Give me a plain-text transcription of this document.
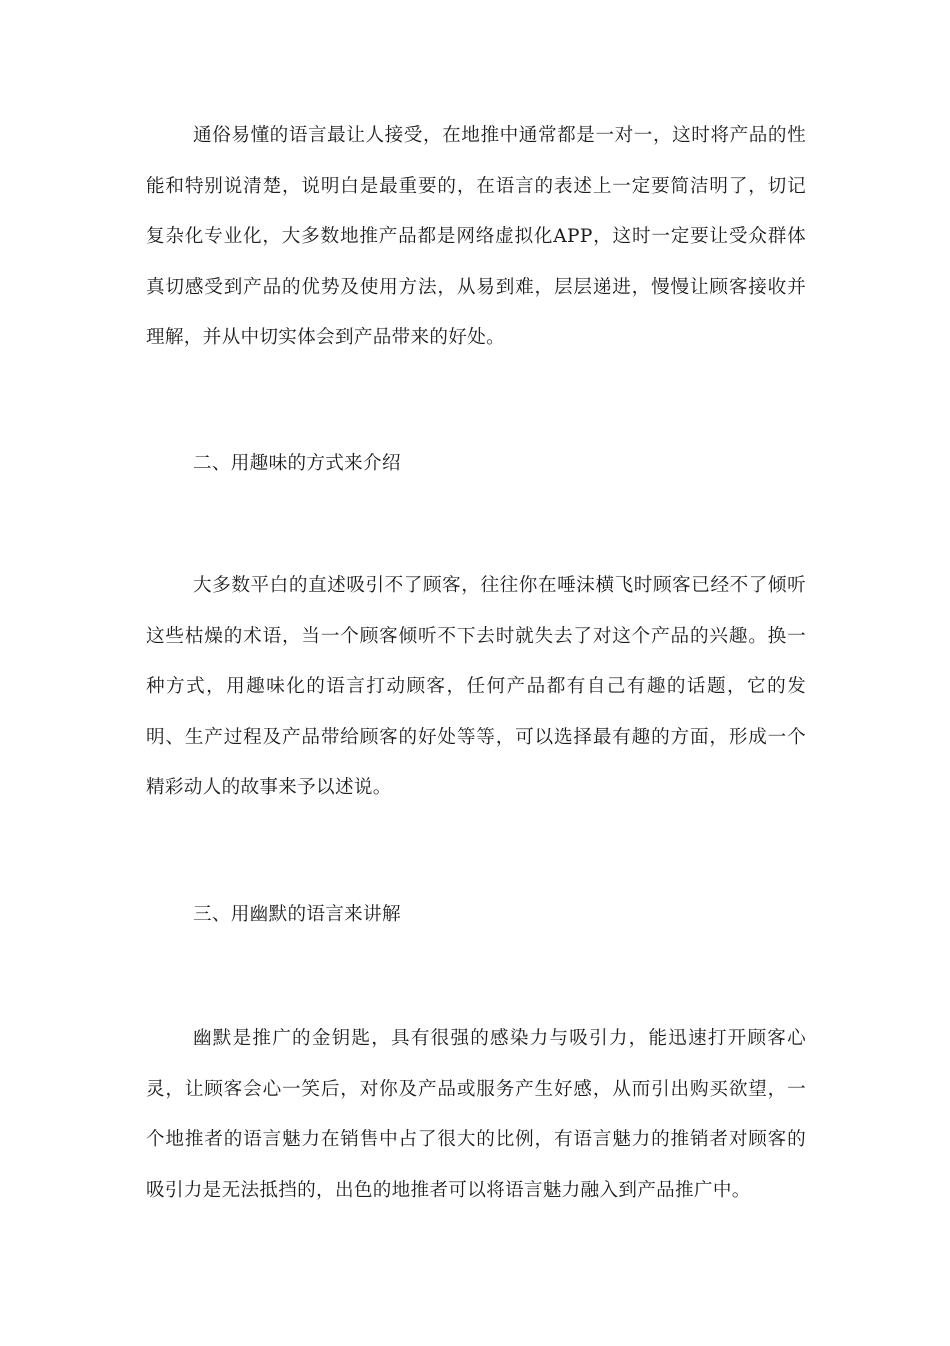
通俗易懂的语言最让人接受，在地推中通常都是一对一，这时将产品的性能和特别说清楚，说明白是最重要的，在语言的表述上一定要简洁明了，切记复杂化专业化，大多数地推产品都是网络虚拟化APP，这时一定要让受众群体真切感受到产品的优势及使用方法，从易到难，层层递进，慢慢让顾客接收并理解，并从中切实体会到产品带来的好处。

二、用趣味的方式来介绍

大多数平白的直述吸引不了顾客，往往你在唾沫横飞时顾客已经不了倾听这些枯燥的术语，当一个顾客倾听不下去时就失去了对这个产品的兴趣。换一种方式，用趣味化的语言打动顾客，任何产品都有自己有趣的话题，它的发明、生产过程及产品带给顾客的好处等等，可以选择最有趣的方面，形成一个精彩动人的故事来予以述说。

三、用幽默的语言来讲解

幽默是推广的金钥匙，具有很强的感染力与吸引力，能迅速打开顾客心灵，让顾客会心一笑后，对你及产品或服务产生好感，从而引出购买欲望，一个地推者的语言魅力在销售中占了很大的比例，有语言魅力的推销者对顾客的吸引力是无法抵挡的，出色的地推者可以将语言魅力融入到产品推广中。
